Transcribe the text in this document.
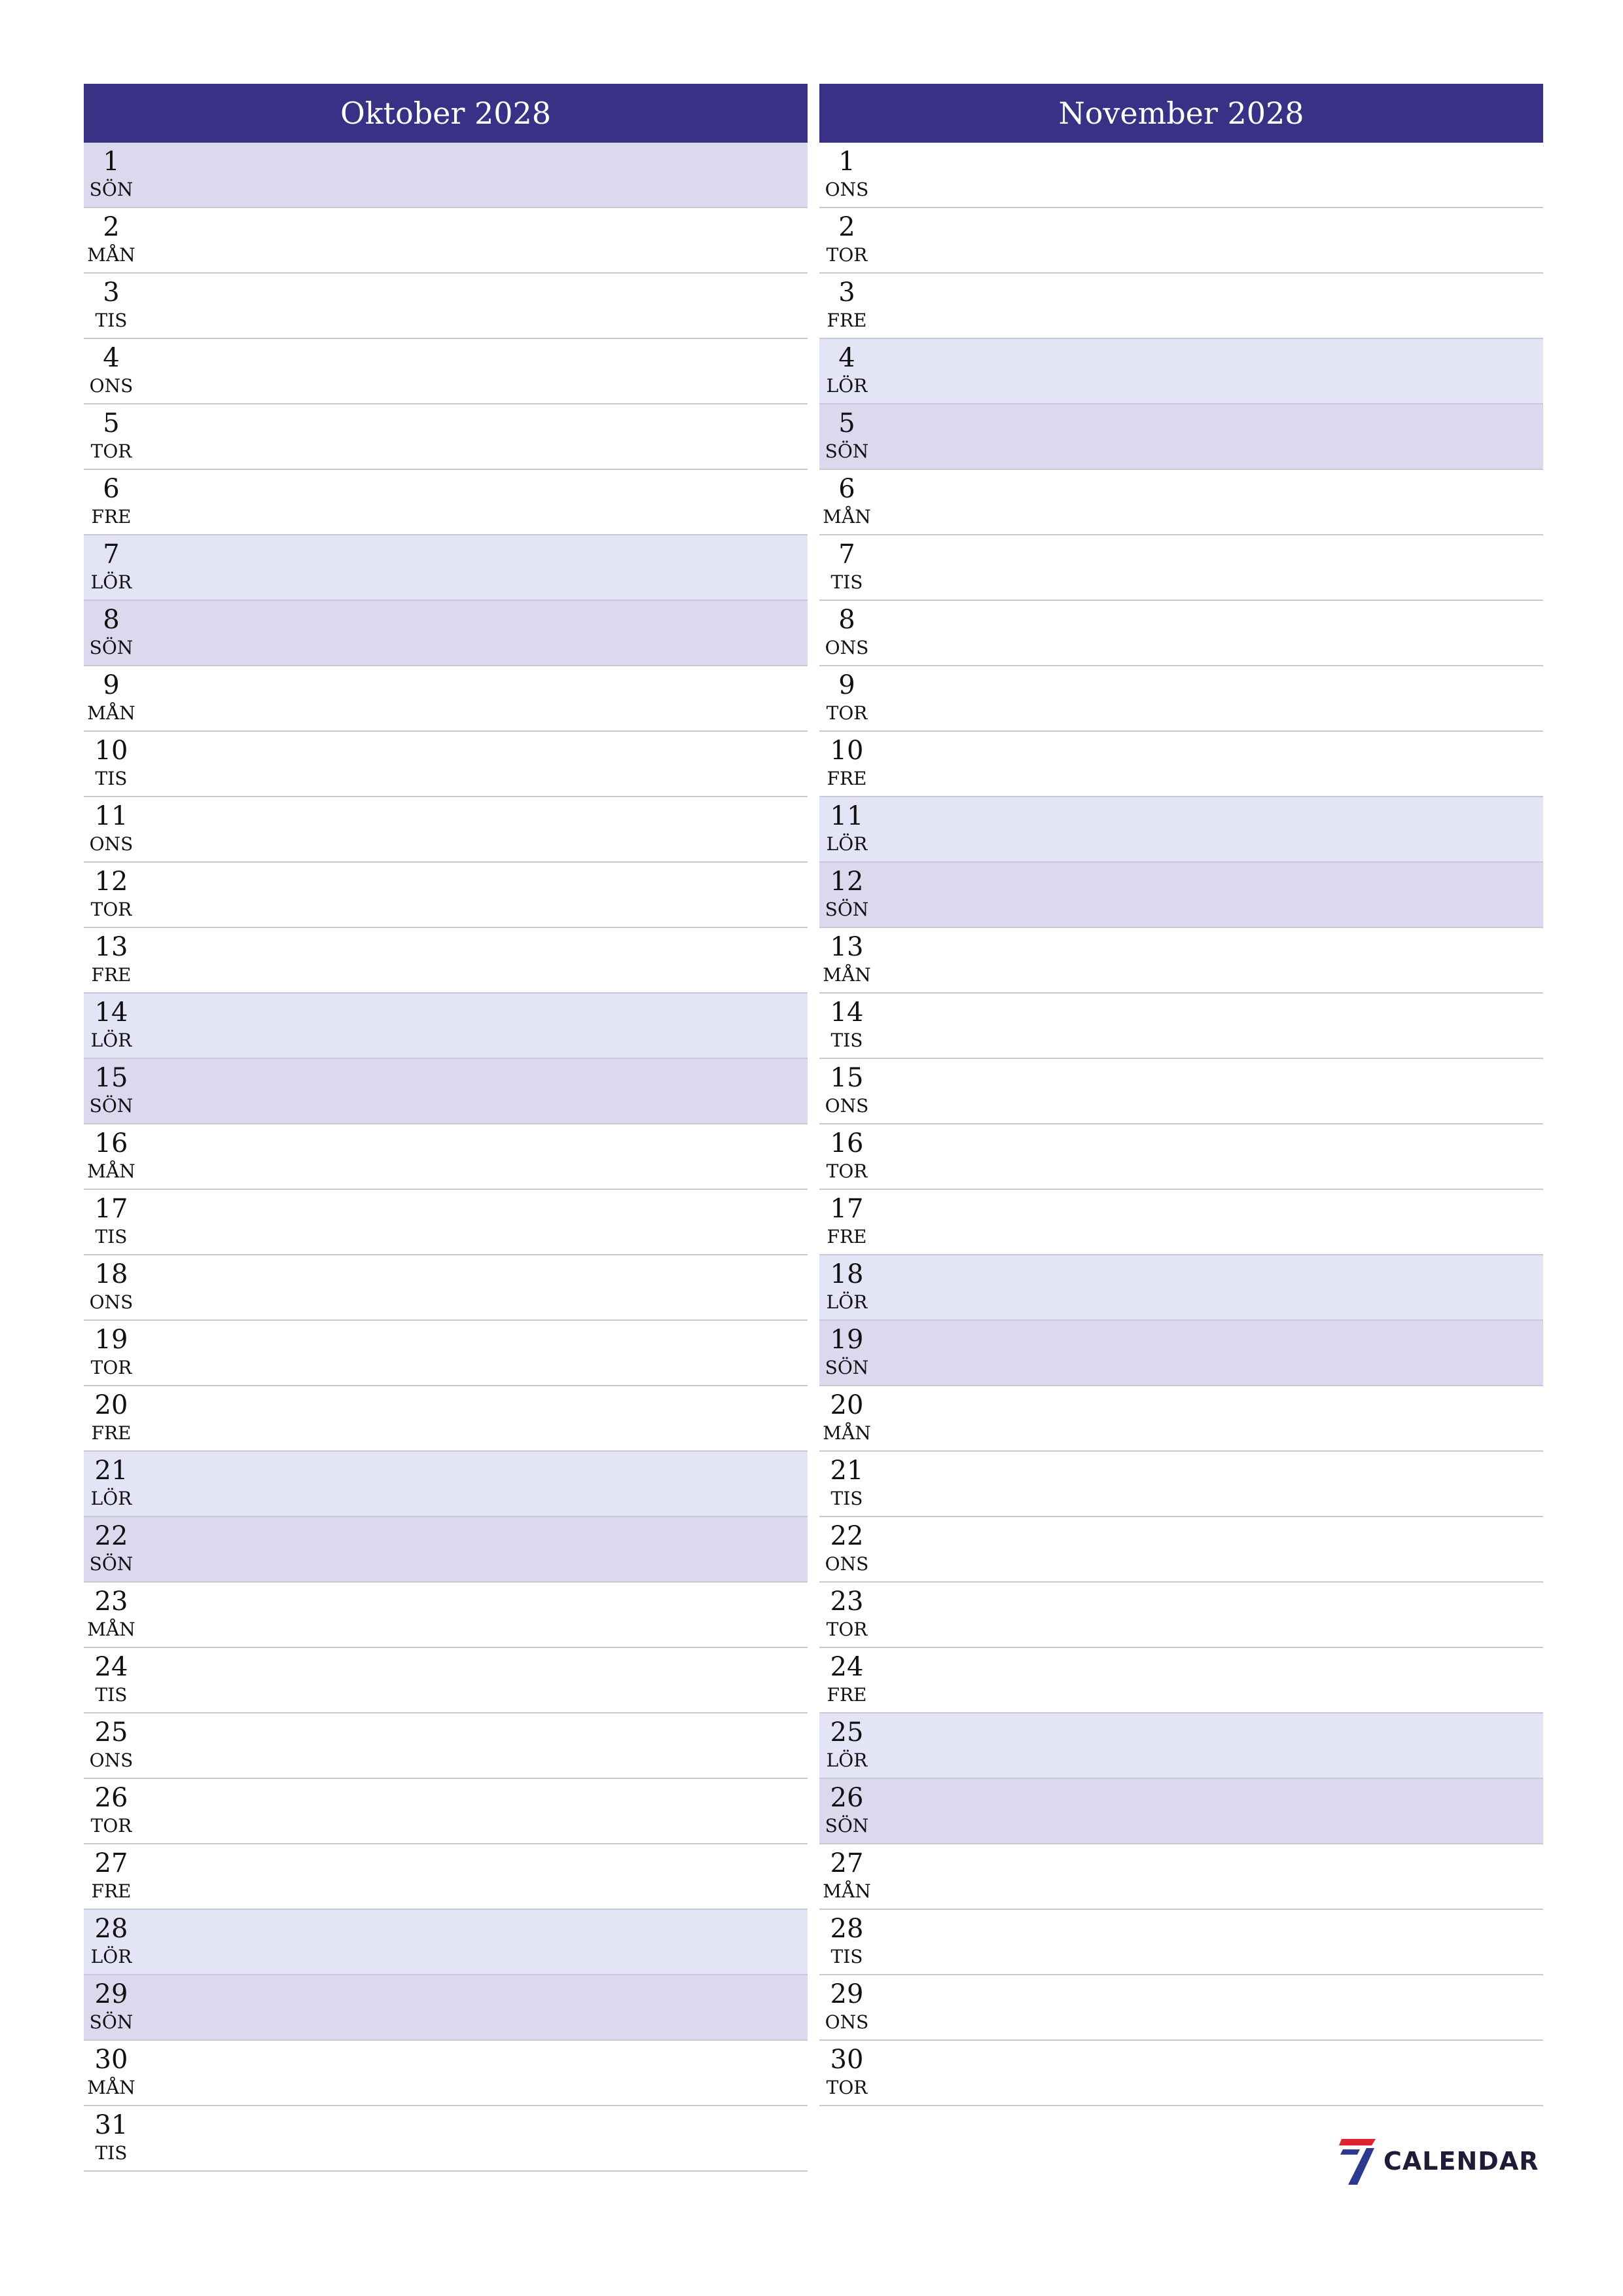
Oktober 2028
1
SÖN
2
MÅN
3
TIS
4
ONS
5
TOR
6
FRE
7
LÖR
8
SÖN
9
MÅN
10
TIS
11
ONS
12
TOR
13
FRE
14
LÖR
15
SÖN
16
MÅN
17
TIS
18
ONS
19
TOR
20
FRE
21
LÖR
22
SÖN
23
MÅN
24
TIS
25
ONS
26
TOR
27
FRE
28
LÖR
29
SÖN
30
MÅN
31
TIS
November 2028
1
ONS
2
TOR
3
FRE
4
LÖR
5
SÖN
6
MÅN
7
TIS
8
ONS
9
TOR
10
FRE
11
LÖR
12
SÖN
13
MÅN
14
TIS
15
ONS
16
TOR
17
FRE
18
LÖR
19
SÖN
20
MÅN
21
TIS
22
ONS
23
TOR
24
FRE
25
LÖR
26
SÖN
27
MÅN
28
TIS
29
ONS
30
TOR
CALENDAR
